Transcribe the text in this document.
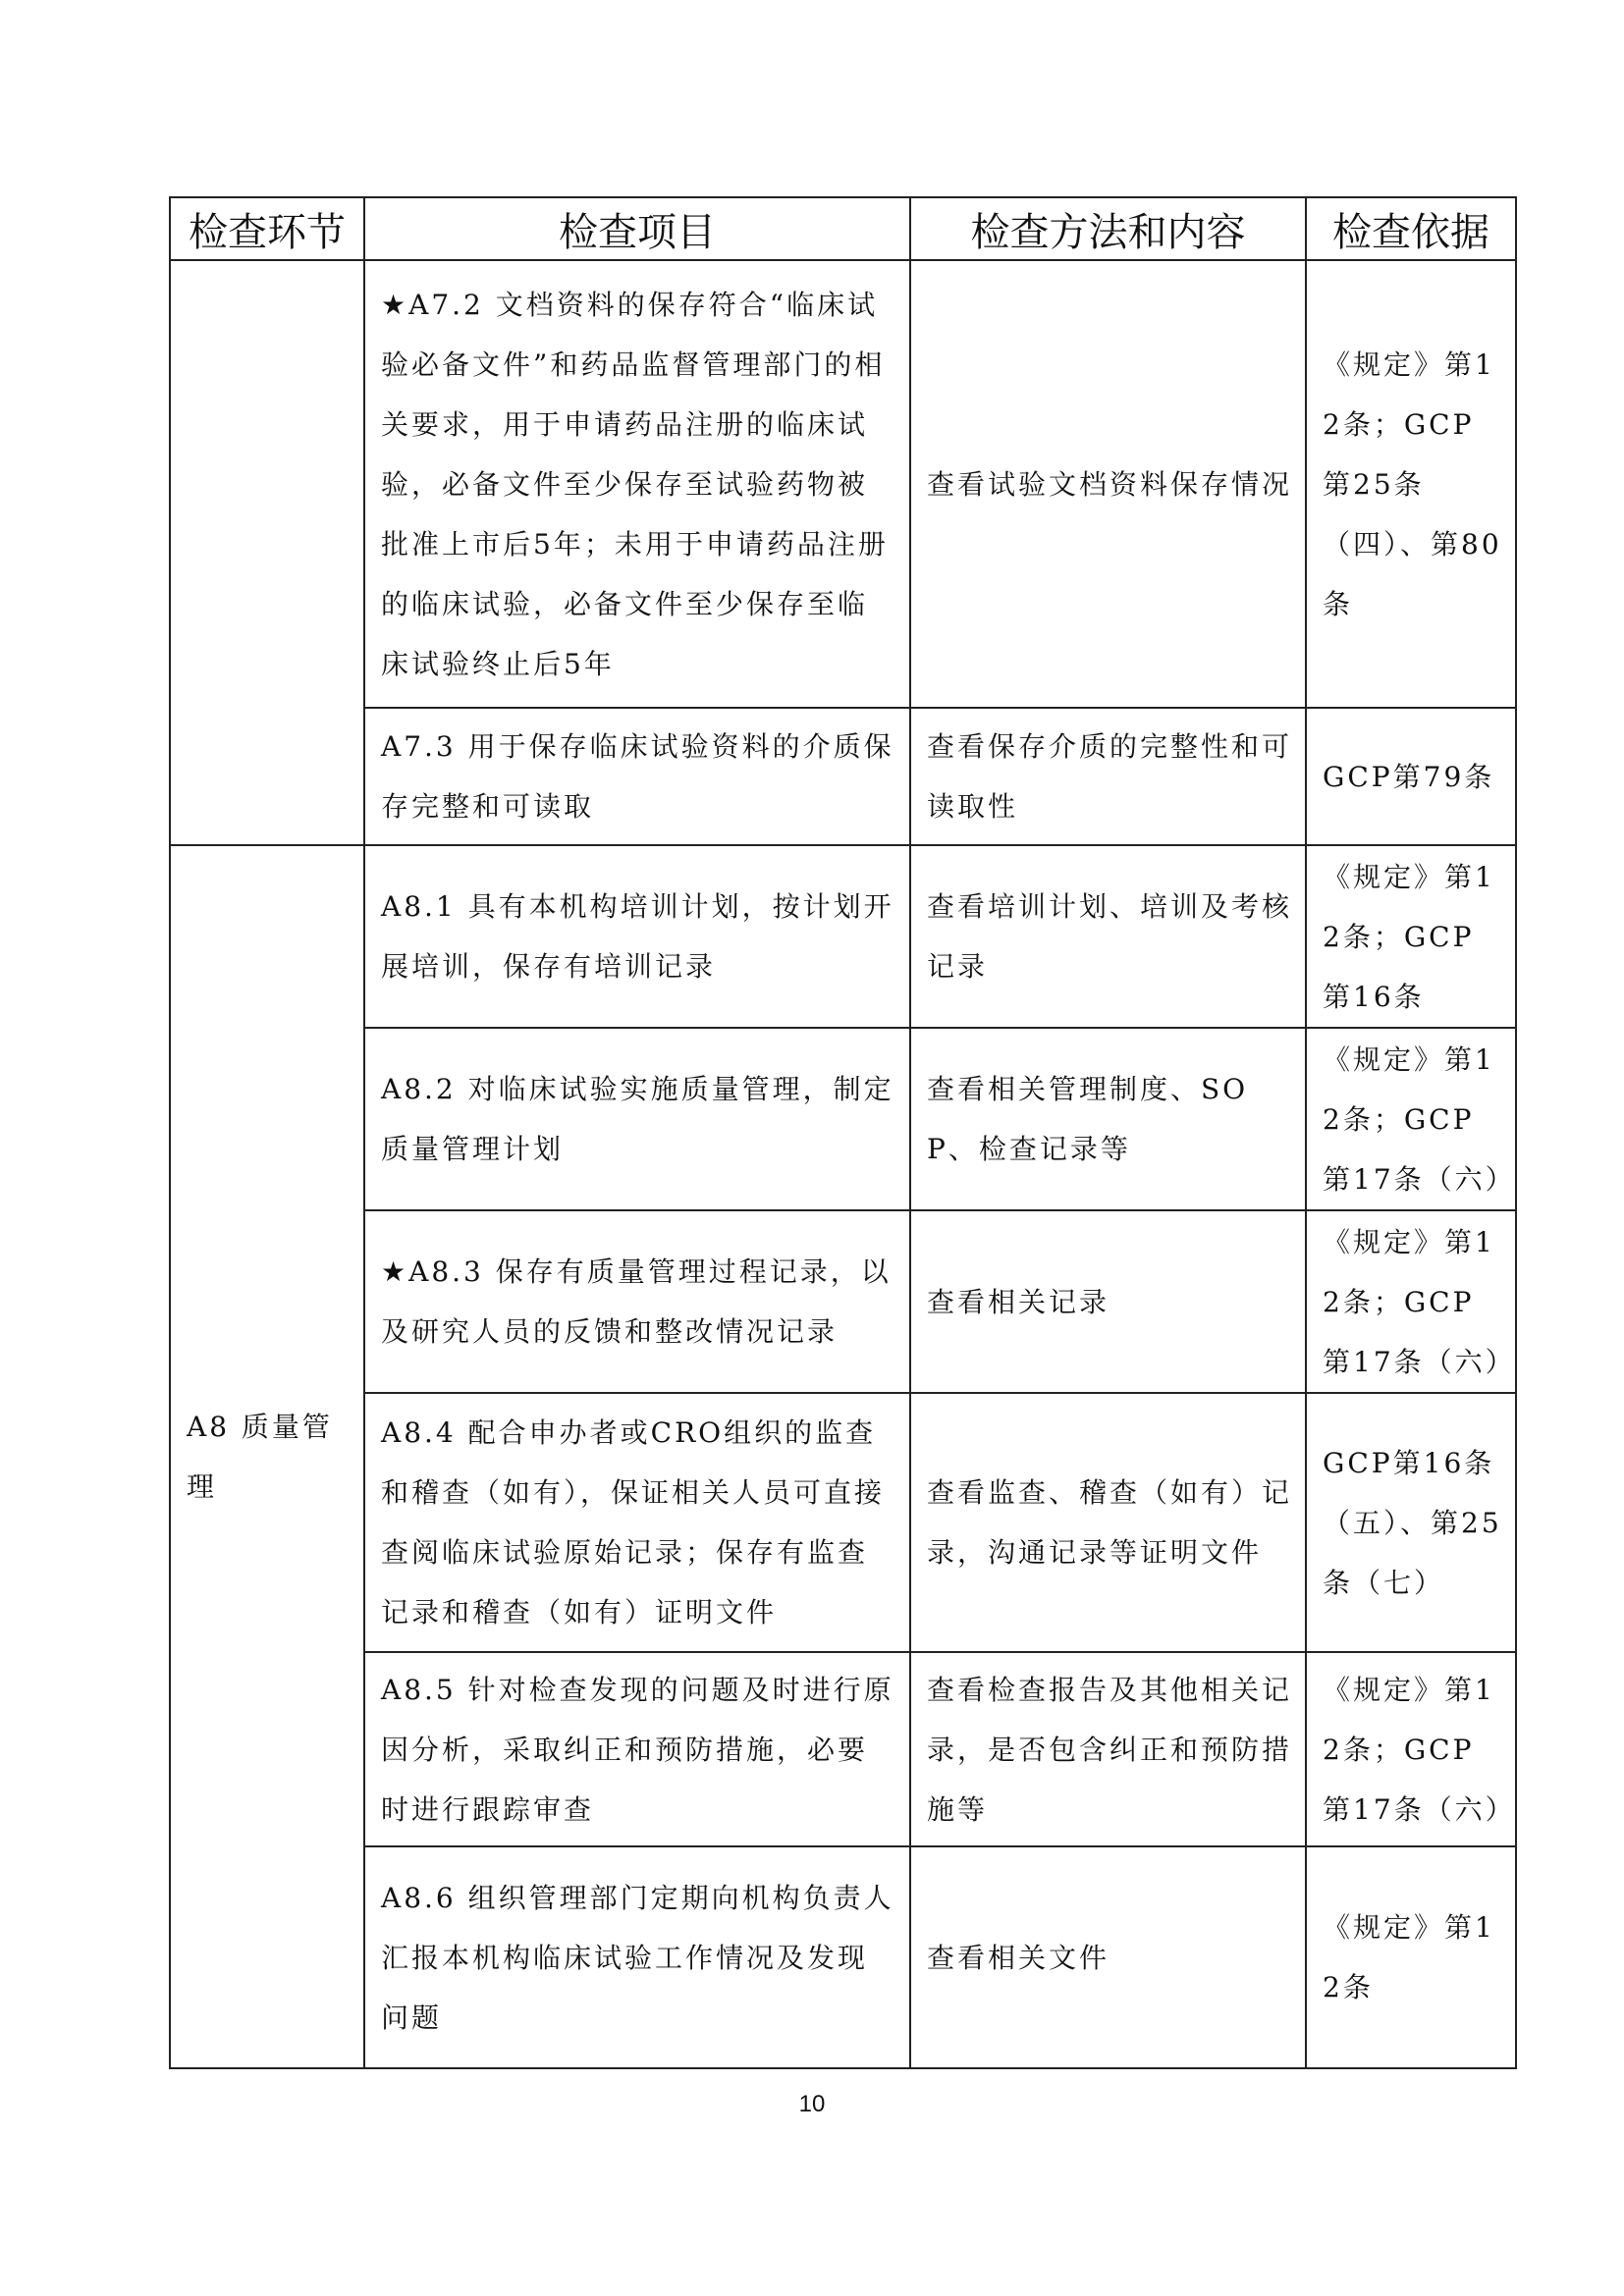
检查环节	检查项目	检查方法和内容	检查依据
	★A7.2 文档资料的保存符合“临床试验必备文件”和药品监督管理部门的相关要求，用于申请药品注册的临床试验，必备文件至少保存至试验药物被批准上市后5年；未用于申请药品注册的临床试验，必备文件至少保存至临床试验终止后5年	查看试验文档资料保存情况	《规定》第12条；GCP第25条（四）、第80条
	A7.3 用于保存临床试验资料的介质保存完整和可读取	查看保存介质的完整性和可读取性	GCP第79条
A8 质量管理	A8.1 具有本机构培训计划，按计划开展培训，保存有培训记录	查看培训计划、培训及考核记录	《规定》第12条；GCP第16条
	A8.2 对临床试验实施质量管理，制定质量管理计划	查看相关管理制度、SOP、检查记录等	《规定》第12条；GCP第17条（六）
	★A8.3 保存有质量管理过程记录，以及研究人员的反馈和整改情况记录	查看相关记录	《规定》第12条；GCP第17条（六）
	A8.4 配合申办者或CRO组织的监查和稽查（如有），保证相关人员可直接查阅临床试验原始记录；保存有监查记录和稽查（如有）证明文件	查看监查、稽查（如有）记录，沟通记录等证明文件	GCP第16条（五）、第25条（七）
	A8.5 针对检查发现的问题及时进行原因分析，采取纠正和预防措施，必要时进行跟踪审查	查看检查报告及其他相关记录，是否包含纠正和预防措施等	《规定》第12条；GCP第17条（六）
	A8.6 组织管理部门定期向机构负责人汇报本机构临床试验工作情况及发现问题	查看相关文件	《规定》第12条
10
